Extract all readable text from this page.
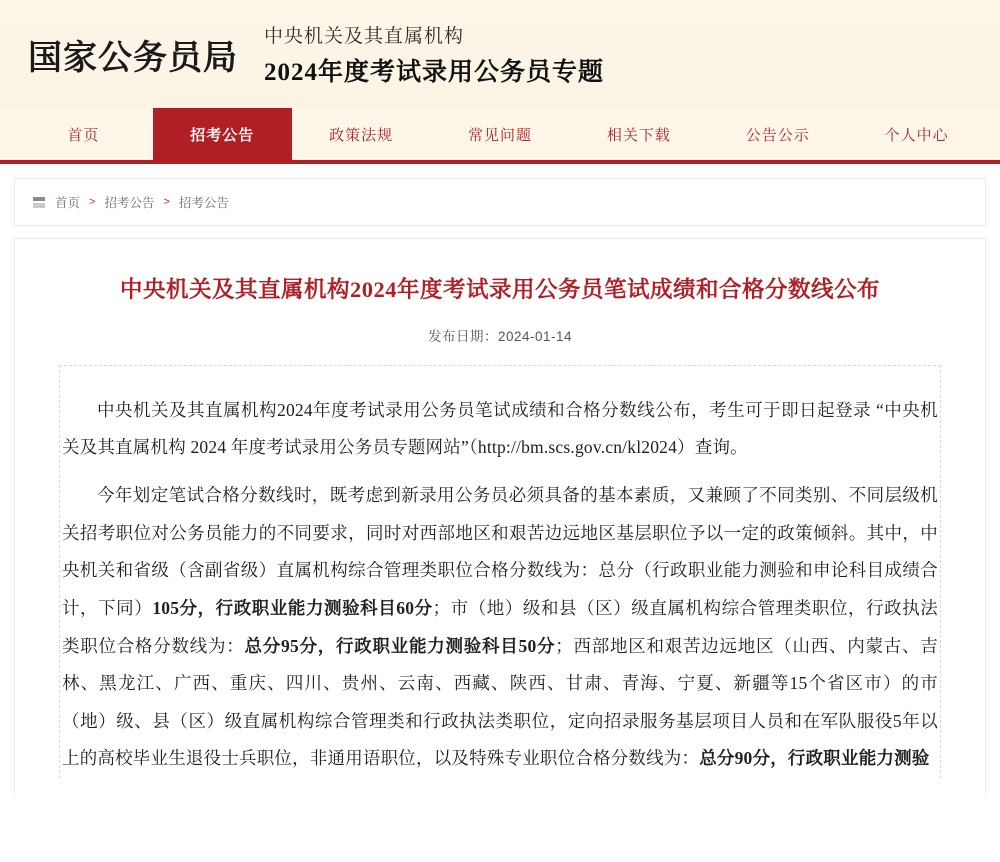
国家公务员局
中央机关及其直属机构
2024年度考试录用公务员专题
首页	招考公告	政策法规	常见问题	相关下载	公告公示	个人中心
首页 > 招考公告 > 招考公告
中央机关及其直属机构2024年度考试录用公务员笔试成绩和合格分数线公布
发布日期：2024-01-14

中央机关及其直属机构2024年度考试录用公务员笔试成绩和合格分数线公布，考生可于即日起登录 “中央机关及其直属机构 2024 年度考试录用公务员专题网站”（http://bm.scs.gov.cn/kl2024）查询。

今年划定笔试合格分数线时，既考虑到新录用公务员必须具备的基本素质，又兼顾了不同类别、不同层级机关招考职位对公务员能力的不同要求，同时对西部地区和艰苦边远地区基层职位予以一定的政策倾斜。其中，中央机关和省级（含副省级）直属机构综合管理类职位合格分数线为：总分（行政职业能力测验和申论科目成绩合计，下同）105分，行政职业能力测验科目60分；市（地）级和县（区）级直属机构综合管理类职位，行政执法类职位合格分数线为：总分95分，行政职业能力测验科目50分；西部地区和艰苦边远地区（山西、内蒙古、吉林、黑龙江、广西、重庆、四川、贵州、云南、西藏、陕西、甘肃、青海、宁夏、新疆等15个省区市）的市（地）级、县（区）级直属机构综合管理类和行政执法类职位，定向招录服务基层项目人员和在军队服役5年以上的高校毕业生退役士兵职位，非通用语职位，以及特殊专业职位合格分数线为：总分90分，行政职业能力测验
